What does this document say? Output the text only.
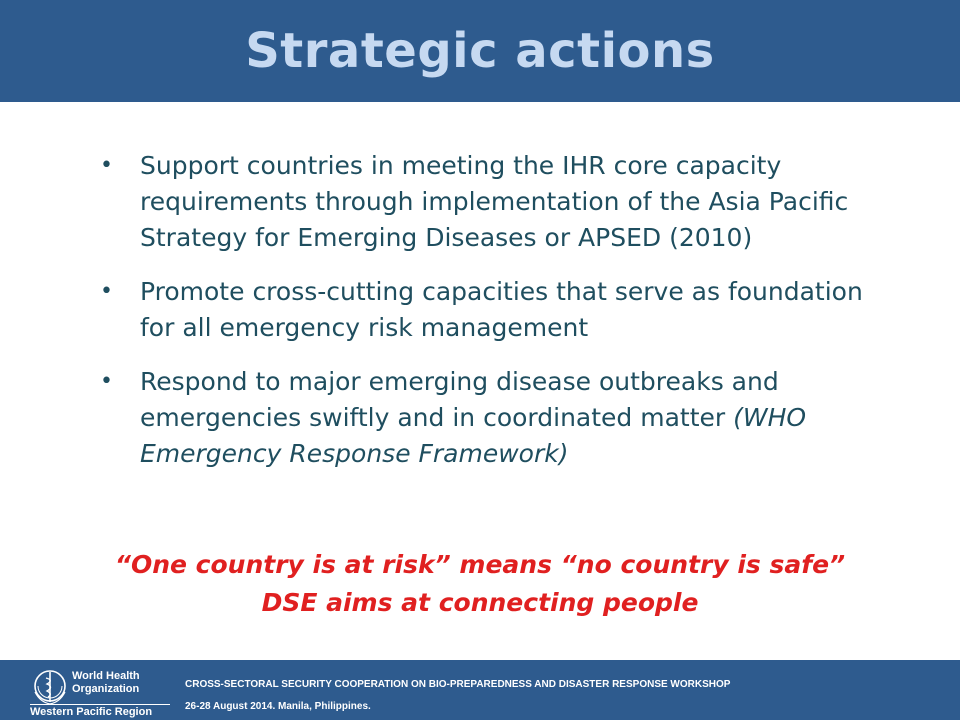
Strategic actions
• Support countries in meeting the IHR core capacity requirements through implementation of the Asia Pacific Strategy for Emerging Diseases or APSED (2010)
• Promote cross-cutting capacities that serve as foundation for all emergency risk management
• Respond to major emerging disease outbreaks and emergencies swiftly and in coordinated matter (WHO Emergency Response Framework)
“One country is at risk” means “no country is safe”
DSE aims at connecting people
World Health
Organization
Western Pacific Region
CROSS-SECTORAL SECURITY COOPERATION ON BIO-PREPAREDNESS AND DISASTER RESPONSE WORKSHOP
26-28 August 2014. Manila, Philippines.
